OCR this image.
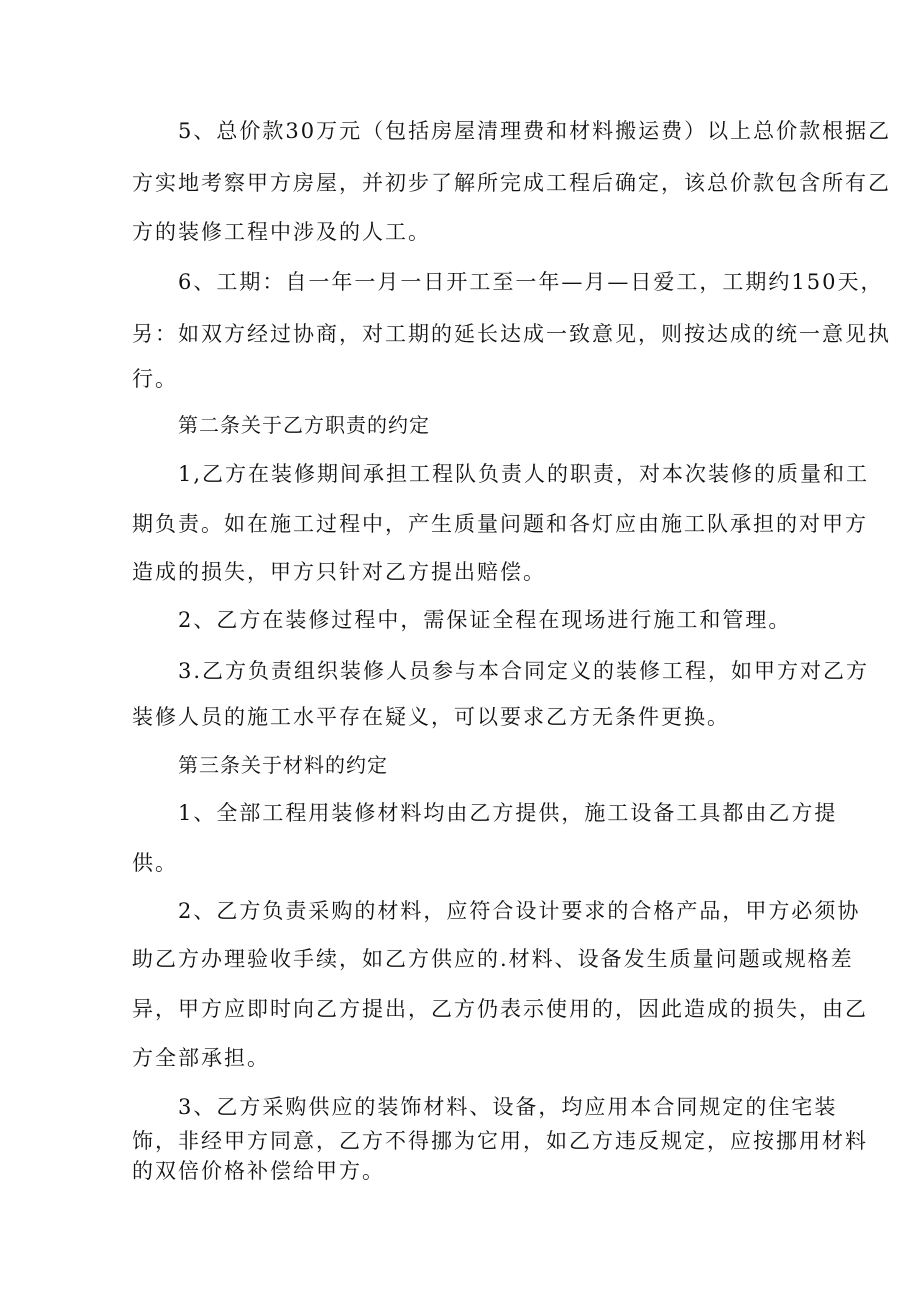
5、总价款30万元（包括房屋清理费和材料搬运费）以上总价款根据乙
方实地考察甲方房屋，并初步了解所完成工程后确定，该总价款包含所有乙
方的装修工程中涉及的人工。
6、工期：自一年一月一日开工至一年—月—日爱工，工期约150天，
另：如双方经过协商，对工期的延长达成一致意见，则按达成的统一意见执
行。
第二条关于乙方职责的约定
1,乙方在装修期间承担工程队负责人的职责，对本次装修的质量和工
期负责。如在施工过程中，产生质量问题和各灯应由施工队承担的对甲方
造成的损失，甲方只针对乙方提出赔偿。
2、乙方在装修过程中，需保证全程在现场进行施工和管理。
3.乙方负责组织装修人员参与本合同定义的装修工程，如甲方对乙方
装修人员的施工水平存在疑义，可以要求乙方无条件更换。
第三条关于材料的约定
1、全部工程用装修材料均由乙方提供，施工设备工具都由乙方提
供。
2、乙方负责采购的材料，应符合设计要求的合格产品，甲方必须协
助乙方办理验收手续，如乙方供应的.材料、设备发生质量问题或规格差
异，甲方应即时向乙方提出，乙方仍表示使用的，因此造成的损失，由乙
方全部承担。
3、乙方采购供应的装饰材料、设备，均应用本合同规定的住宅装
饰，非经甲方同意，乙方不得挪为它用，如乙方违反规定，应按挪用材料
的双倍价格补偿给甲方。
